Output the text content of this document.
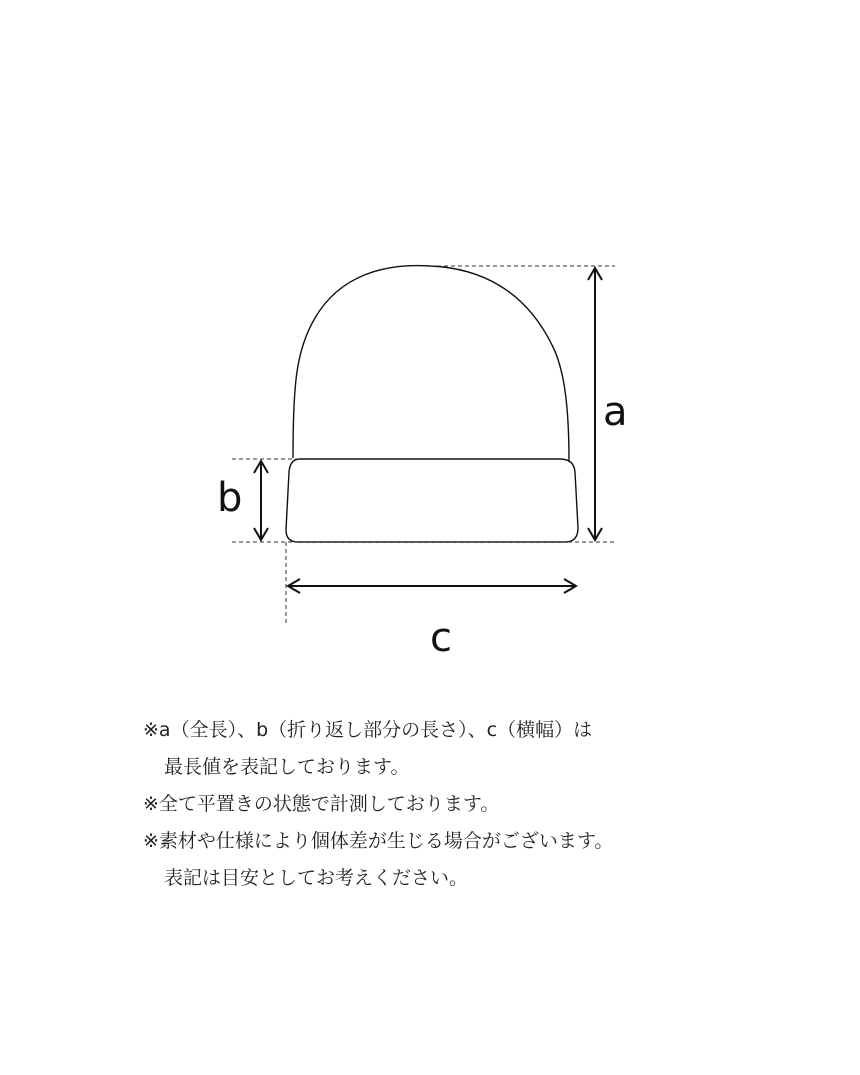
a
b
c
※a（全長）、b（折り返し部分の長さ）、c（横幅）は
最長値を表記しております。
※全て平置きの状態で計測しております。
※素材や仕様により個体差が生じる場合がございます。
表記は目安としてお考えください。
